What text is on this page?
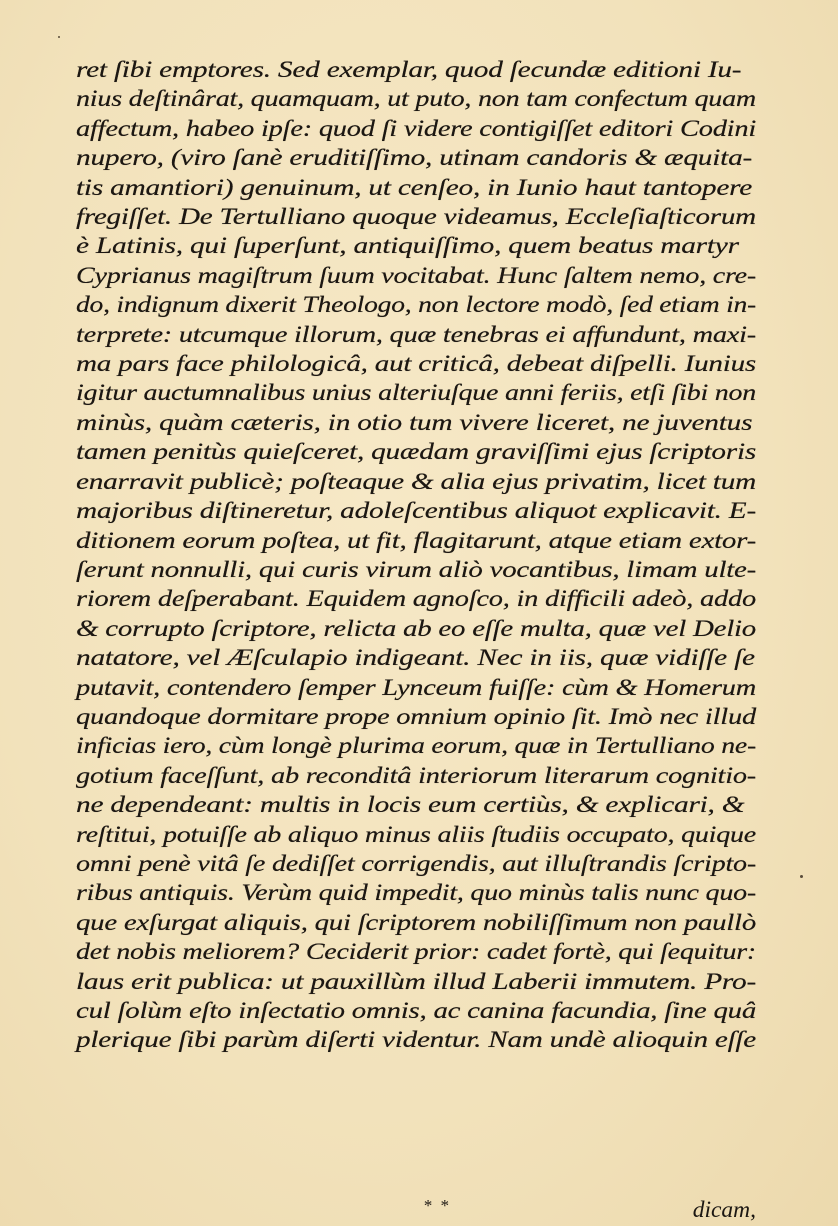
ret ſibi emptores. Sed exemplar, quod ſecundæ editioni Iu-
nius deſtinârat, quamquam, ut puto, non tam confectum quam
affectum, habeo ipſe: quod ſi videre contigiſſet editori Codini
nupero, (viro ſanè eruditiſſimo, utinam candoris & æquita-
tis amantiori) genuinum, ut cenſeo, in Iunio haut tantopere
fregiſſet. De Tertulliano quoque videamus, Eccleſiaſticorum
è Latinis, qui ſuperſunt, antiquiſſimo, quem beatus martyr
Cyprianus magiſtrum ſuum vocitabat. Hunc ſaltem nemo, cre-
do, indignum dixerit Theologo, non lectore modò, ſed etiam in-
terprete: utcumque illorum, quæ tenebras ei affundunt, maxi-
ma pars face philologicâ, aut criticâ, debeat diſpelli. Iunius
igitur auctumnalibus unius alteriuſque anni feriis, etſi ſibi non
minùs, quàm cæteris, in otio tum vivere liceret, ne juventus
tamen penitùs quieſceret, quædam graviſſimi ejus ſcriptoris
enarravit publicè; poſteaque & alia ejus privatim, licet tum
majoribus diſtineretur, adoleſcentibus aliquot explicavit. E-
ditionem eorum poſtea, ut fit, flagitarunt, atque etiam extor-
ſerunt nonnulli, qui curis virum aliò vocantibus, limam ulte-
riorem deſperabant. Equidem agnoſco, in difficili adeò, addo
& corrupto ſcriptore, relicta ab eo eſſe multa, quæ vel Delio
natatore, vel Æſculapio indigeant. Nec in iis, quæ vidiſſe ſe
putavit, contendero ſemper Lynceum fuiſſe: cùm & Homerum
quandoque dormitare prope omnium opinio ſit. Imò nec illud
inficias iero, cùm longè plurima eorum, quæ in Tertulliano ne-
gotium faceſſunt, ab reconditâ interiorum literarum cognitio-
ne dependeant: multis in locis eum certiùs, & explicari, &
reſtitui, potuiſſe ab aliquo minus aliis ſtudiis occupato, quique
omni penè vitâ ſe dediſſet corrigendis, aut illuſtrandis ſcripto-
ribus antiquis. Verùm quid impedit, quo minùs talis nunc quo-
que exſurgat aliquis, qui ſcriptorem nobiliſſimum non paullò
det nobis meliorem? Ceciderit prior: cadet fortè, qui ſequitur:
laus erit publica: ut pauxillùm illud Laberii immutem. Pro-
cul ſolùm eſto inſectatio omnis, ac canina facundia, ſine quâ
plerique ſibi parùm diſerti videntur. Nam undè alioquin eſſe
* *	dicam,
